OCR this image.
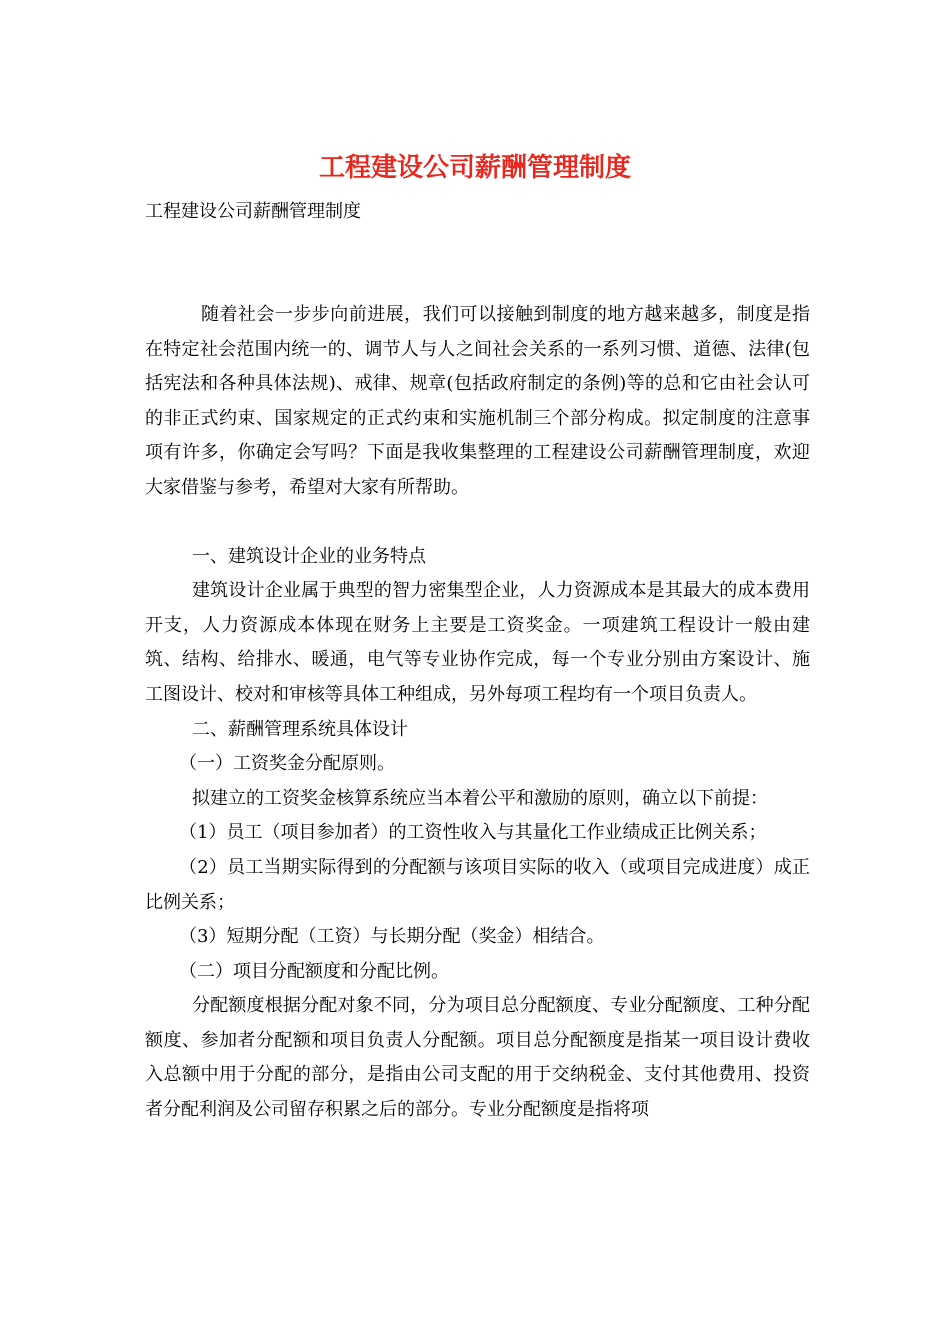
工程建设公司薪酬管理制度
工程建设公司薪酬管理制度

随着社会一步步向前进展，我们可以接触到制度的地方越来越多，制度是指在特定社会范围内统一的、调节人与人之间社会关系的一系列习惯、道德、法律(包括宪法和各种具体法规)、戒律、规章(包括政府制定的条例)等的总和它由社会认可的非正式约束、国家规定的正式约束和实施机制三个部分构成。拟定制度的注意事项有许多，你确定会写吗？下面是我收集整理的工程建设公司薪酬管理制度，欢迎大家借鉴与参考，希望对大家有所帮助。

一、建筑设计企业的业务特点

建筑设计企业属于典型的智力密集型企业，人力资源成本是其最大的成本费用开支，人力资源成本体现在财务上主要是工资奖金。一项建筑工程设计一般由建筑、结构、给排水、暖通，电气等专业协作完成，每一个专业分别由方案设计、施工图设计、校对和审核等具体工种组成，另外每项工程均有一个项目负责人。

二、薪酬管理系统具体设计

（一）工资奖金分配原则。

拟建立的工资奖金核算系统应当本着公平和激励的原则，确立以下前提：

（1）员工（项目参加者）的工资性收入与其量化工作业绩成正比例关系；

（2）员工当期实际得到的分配额与该项目实际的收入（或项目完成进度）成正比例关系；

（3）短期分配（工资）与长期分配（奖金）相结合。

（二）项目分配额度和分配比例。

分配额度根据分配对象不同，分为项目总分配额度、专业分配额度、工种分配额度、参加者分配额和项目负责人分配额。项目总分配额度是指某一项目设计费收入总额中用于分配的部分，是指由公司支配的用于交纳税金、支付其他费用、投资者分配利润及公司留存积累之后的部分。专业分配额度是指将项
